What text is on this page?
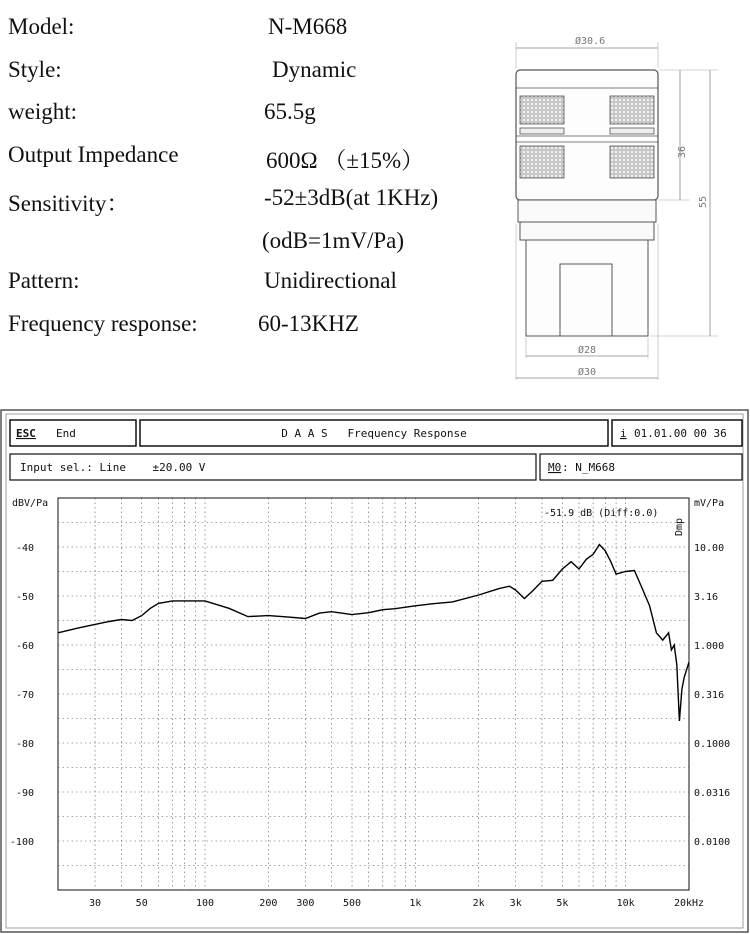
Model:	N-M668
Style:	Dynamic
weight:	65.5g
Output Impedance	600Ω （±15%）
Sensitivity：	-52±3dB(at 1KHz)
(odB=1mV/Pa)
Pattern:	Unidirectional
Frequency response:	60-13KHZ
Ø30.6
36
55
Ø28
Ø30
ESC End	D A A S   Frequency Response	i 01.01.00 00 36
Input sel.: Line    ±20.00 V	M0 : N_M668
30	50	100	200 300	500	1k	2k 3k	5k	10k	20kHz
-40
-50
-60
-70
-80
-90
-100
10.00
3.16
1.000
0.316
0.1000
0.0316
0.0100
dBV/Pa	mV/Pa
-51.9 dB (Diff:0.0)
Dmp
